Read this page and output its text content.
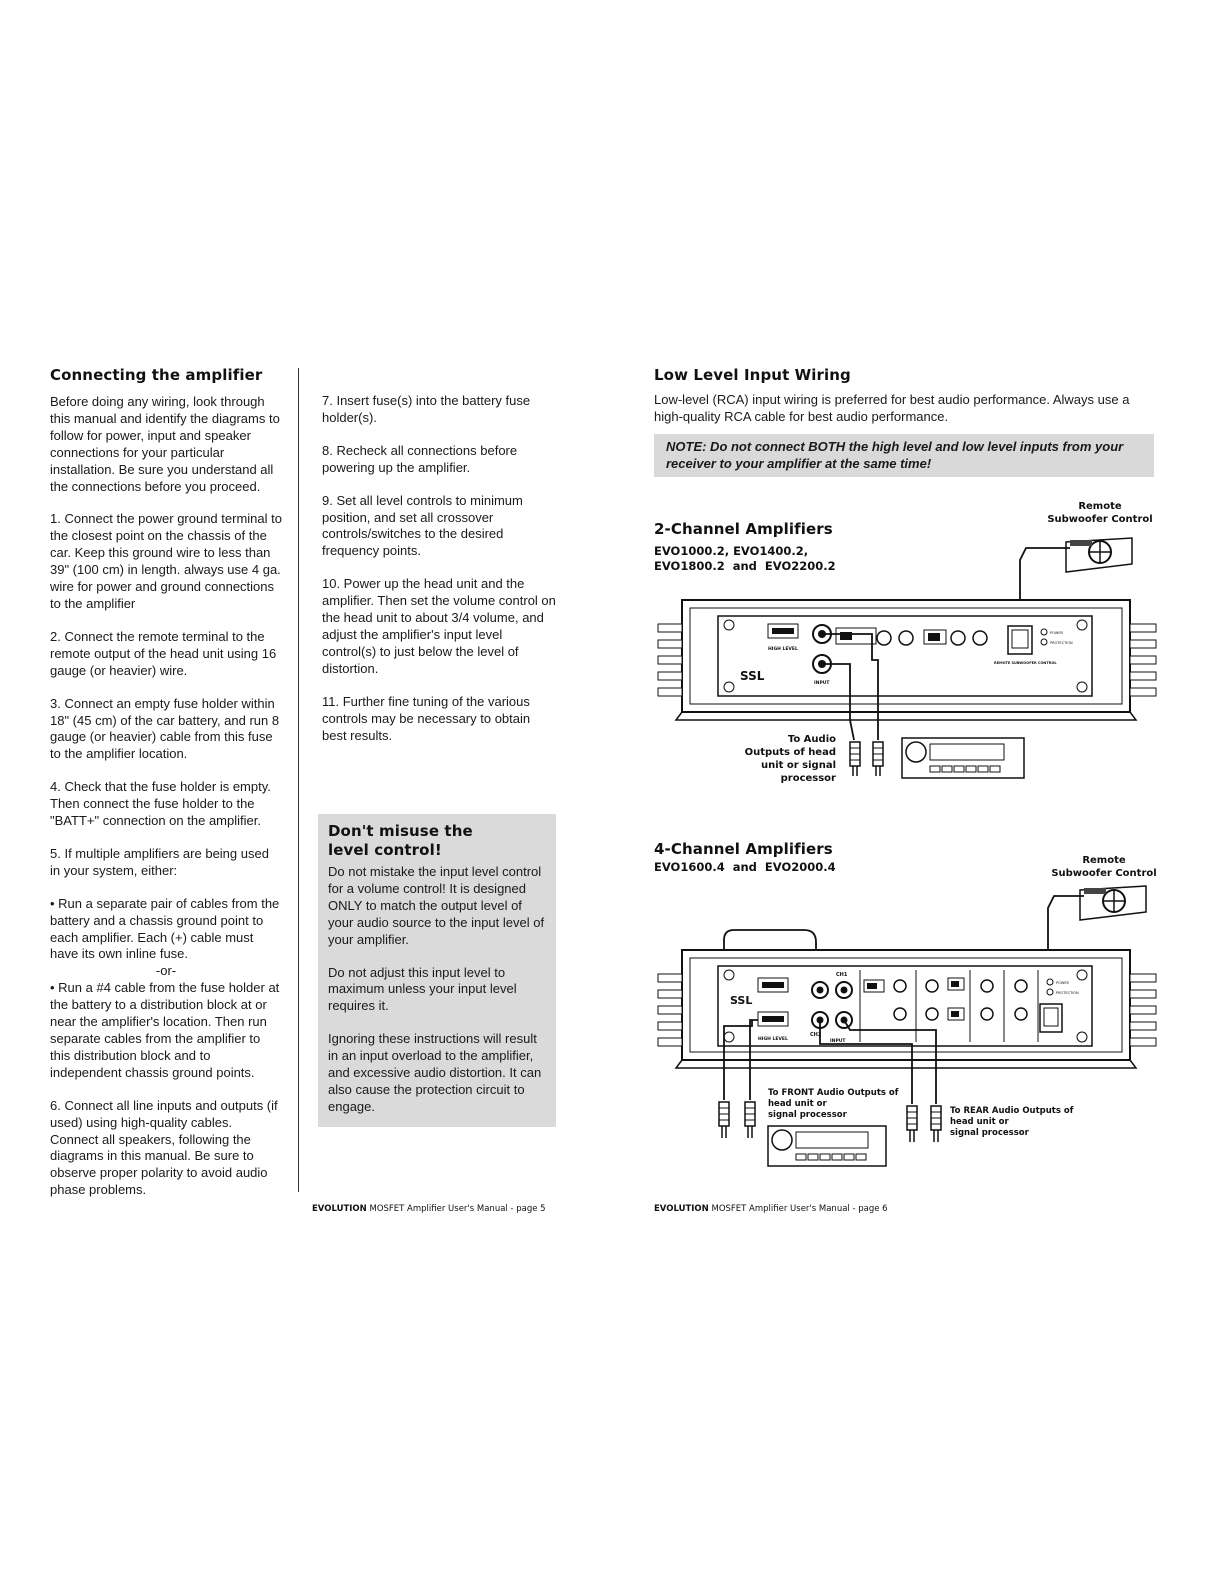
Connecting the amplifier

Before doing any wiring, look through this manual and identify the diagrams to follow for power, input and speaker connections for your particular installation. Be sure you understand all the connections before you proceed.

1. Connect the power ground terminal to the closest point on the chassis of the car. Keep this ground wire to less than 39" (100 cm) in length. always use 4 ga. wire for power and ground connections to the amplifier

2. Connect the remote terminal to the remote output of the head unit using 16 gauge (or heavier) wire.

3. Connect an empty fuse holder within 18" (45 cm) of the car battery, and run 8 gauge (or heavier) cable from this fuse to the amplifier location.

4. Check that the fuse holder is empty. Then connect the fuse holder to the "BATT+" connection on the amplifier.

5. If multiple amplifiers are being used in your system, either:

• Run a separate pair of cables from the battery and a chassis ground point to each amplifier. Each (+) cable must have its own inline fuse.

-or-

• Run a #4 cable from the fuse holder at the battery to a distribution block at or near the amplifier's location. Then run separate cables from the amplifier to this distribution block and to independent chassis ground points.

6. Connect all line inputs and outputs (if used) using high-quality cables. Connect all speakers, following the diagrams in this manual. Be sure to observe proper polarity to avoid audio phase problems.

7. Insert fuse(s) into the battery fuse holder(s).

8. Recheck all connections before powering up the amplifier.

9. Set all level controls to minimum position, and set all crossover controls/switches to the desired frequency points.

10. Power up the head unit and the amplifier. Then set the volume control on the head unit to about 3/4 volume, and adjust the amplifier's input level control(s) to just below the level of distortion.

11. Further fine tuning of the various controls may be necessary to obtain best results.

Don't misuse the level control!

Do not mistake the input level control for a volume control! It is designed ONLY to match the output level of your audio source to the input level of your amplifier.

Do not adjust this input level to maximum unless your input level requires it.

Ignoring these instructions will result in an input overload to the amplifier, and excessive audio distortion. It can also cause the protection circuit to engage.

EVOLUTION MOSFET Amplifier User's Manual - page 5
Low Level Input Wiring

Low-level (RCA) input wiring is preferred for best audio performance. Always use a high-quality RCA cable for best audio performance.

NOTE: Do not connect BOTH the high level and low level inputs from your receiver to your amplifier at the same time!

2-Channel Amplifiers
EVO1000.2, EVO1400.2,
EVO1800.2  and  EVO2200.2
Remote
Subwoofer Control
To Audio
Outputs of head
unit or signal
processor
SSL
HIGH LEVEL
INPUT
REMOTE SUBWOOFER CONTROL
POWER
PROTECTION
4-Channel Amplifiers
EVO1600.4  and  EVO2000.4	Remote
Subwoofer Control
To FRONT Audio Outputs of
head unit or
signal processor	To REAR Audio Outputs of
head unit or
signal processor
SSL
CH1
CH2
INPUT
HIGH LEVEL
POWER
PROTECTION
EVOLUTION MOSFET Amplifier User's Manual - page 6
